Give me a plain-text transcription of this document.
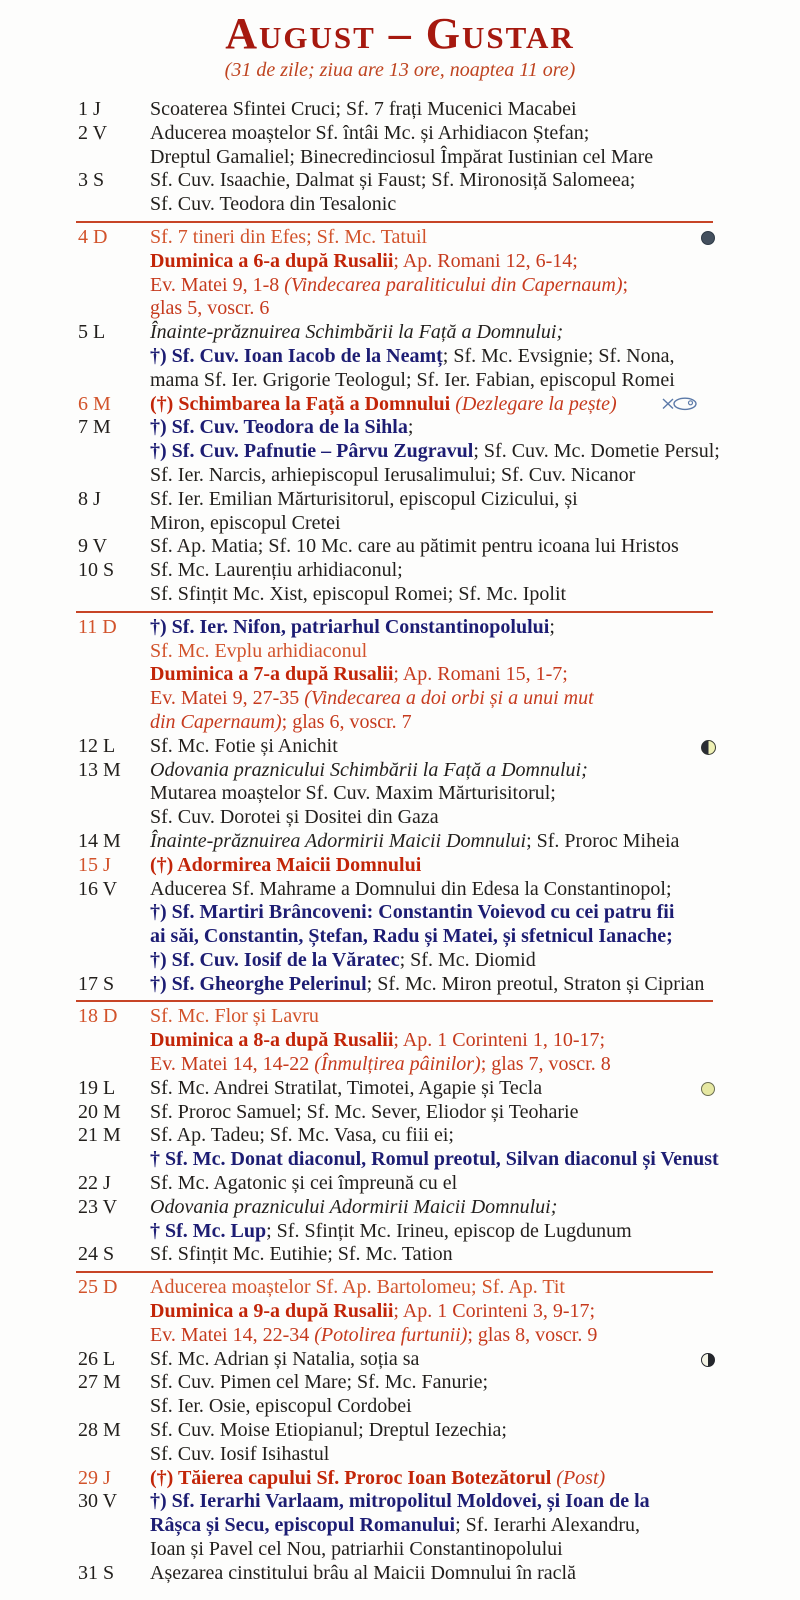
August – Gustar
(31 de zile; ziua are 13 ore, noaptea 11 ore)
1 J	Scoaterea Sfintei Cruci; Sf. 7 frați Mucenici Macabei
2 V	Aducerea moaștelor Sf. întâi Mc. și Arhidiacon Ștefan;
Dreptul Gamaliel; Binecredinciosul Împărat Iustinian cel Mare
3 S	Sf. Cuv. Isaachie, Dalmat și Faust; Sf. Mironosiță Salomeea;
Sf. Cuv. Teodora din Tesalonic
4 D	Sf. 7 tineri din Efes; Sf. Mc. Tatuil
Duminica a 6-a după Rusalii; Ap. Romani 12, 6-14;
Ev. Matei 9, 1-8 (Vindecarea paraliticului din Capernaum);
glas 5, voscr. 6
5 L	Înainte-prăznuirea Schimbării la Față a Domnului;
†) Sf. Cuv. Ioan Iacob de la Neamț; Sf. Mc. Evsignie; Sf. Nona,
mama Sf. Ier. Grigorie Teologul; Sf. Ier. Fabian, episcopul Romei
6 M	(†) Schimbarea la Față a Domnului (Dezlegare la pește)
7 M	†) Sf. Cuv. Teodora de la Sihla;
†) Sf. Cuv. Pafnutie – Pârvu Zugravul; Sf. Cuv. Mc. Dometie Persul;
Sf. Ier. Narcis, arhiepiscopul Ierusalimului; Sf. Cuv. Nicanor
8 J	Sf. Ier. Emilian Mărturisitorul, episcopul Cizicului, și
Miron, episcopul Cretei
9 V	Sf. Ap. Matia; Sf. 10 Mc. care au pătimit pentru icoana lui Hristos
10 S	Sf. Mc. Laurențiu arhidiaconul;
Sf. Sfințit Mc. Xist, episcopul Romei; Sf. Mc. Ipolit
11 D	†) Sf. Ier. Nifon, patriarhul Constantinopolului;
Sf. Mc. Evplu arhidiaconul
Duminica a 7-a după Rusalii; Ap. Romani 15, 1-7;
Ev. Matei 9, 27-35 (Vindecarea a doi orbi și a unui mut
din Capernaum); glas 6, voscr. 7
12 L	Sf. Mc. Fotie și Anichit
13 M	Odovania praznicului Schimbării la Față a Domnului;
Mutarea moaștelor Sf. Cuv. Maxim Mărturisitorul;
Sf. Cuv. Dorotei și Dositei din Gaza
14 M	Înainte-prăznuirea Adormirii Maicii Domnului; Sf. Proroc Miheia
15 J	(†) Adormirea Maicii Domnului
16 V	Aducerea Sf. Mahrame a Domnului din Edesa la Constantinopol;
†) Sf. Martiri Brâncoveni: Constantin Voievod cu cei patru fii
ai săi, Constantin, Ștefan, Radu și Matei, și sfetnicul Ianache;
†) Sf. Cuv. Iosif de la Văratec; Sf. Mc. Diomid
17 S	†) Sf. Gheorghe Pelerinul; Sf. Mc. Miron preotul, Straton și Ciprian
18 D	Sf. Mc. Flor și Lavru
Duminica a 8-a după Rusalii; Ap. 1 Corinteni 1, 10-17;
Ev. Matei 14, 14-22 (Înmulțirea pâinilor); glas 7, voscr. 8
19 L	Sf. Mc. Andrei Stratilat, Timotei, Agapie și Tecla
20 M	Sf. Proroc Samuel; Sf. Mc. Sever, Eliodor și Teoharie
21 M	Sf. Ap. Tadeu; Sf. Mc. Vasa, cu fiii ei;
† Sf. Mc. Donat diaconul, Romul preotul, Silvan diaconul și Venust
22 J	Sf. Mc. Agatonic și cei împreună cu el
23 V	Odovania praznicului Adormirii Maicii Domnului;
† Sf. Mc. Lup; Sf. Sfințit Mc. Irineu, episcop de Lugdunum
24 S	Sf. Sfințit Mc. Eutihie; Sf. Mc. Tation
25 D	Aducerea moaștelor Sf. Ap. Bartolomeu; Sf. Ap. Tit
Duminica a 9-a după Rusalii; Ap. 1 Corinteni 3, 9-17;
Ev. Matei 14, 22-34 (Potolirea furtunii); glas 8, voscr. 9
26 L	Sf. Mc. Adrian și Natalia, soția sa
27 M	Sf. Cuv. Pimen cel Mare; Sf. Mc. Fanurie;
Sf. Ier. Osie, episcopul Cordobei
28 M	Sf. Cuv. Moise Etiopianul; Dreptul Iezechia;
Sf. Cuv. Iosif Isihastul
29 J	(†) Tăierea capului Sf. Proroc Ioan Botezătorul (Post)
30 V	†) Sf. Ierarhi Varlaam, mitropolitul Moldovei, și Ioan de la
Râșca și Secu, episcopul Romanului; Sf. Ierarhi Alexandru,
Ioan și Pavel cel Nou, patriarhii Constantinopolului
31 S	Așezarea cinstitului brâu al Maicii Domnului în raclă
